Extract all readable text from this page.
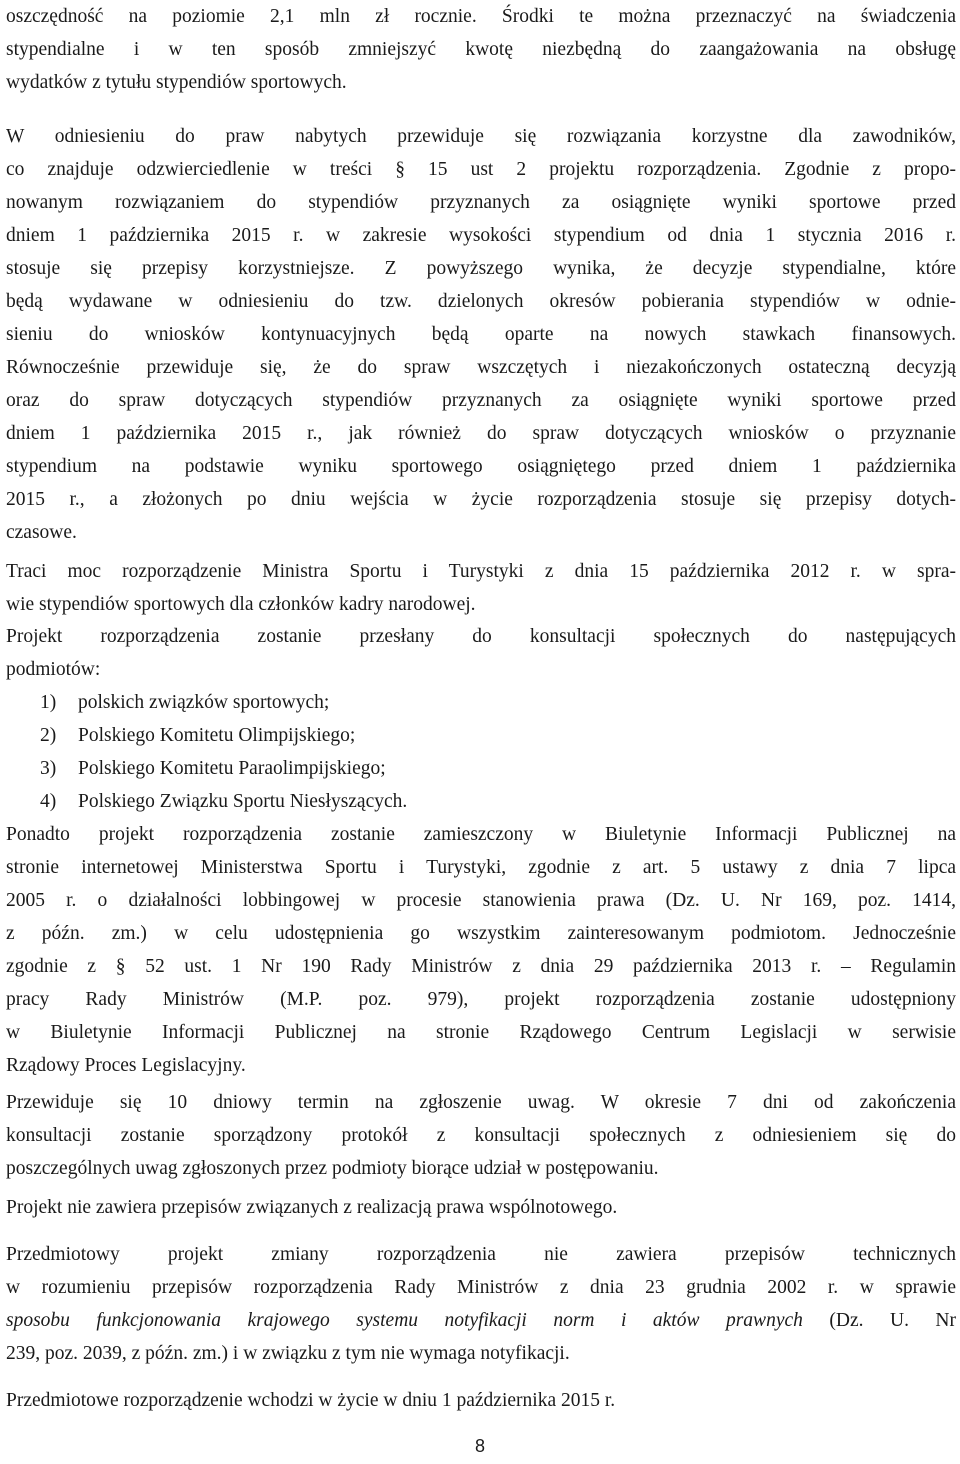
oszczędność na poziomie 2,1 mln zł rocznie. Środki te można przeznaczyć na świadczenia
stypendialne i w ten sposób zmniejszyć kwotę niezbędną do zaangażowania na obsługę
wydatków z tytułu stypendiów sportowych.
W odniesieniu do praw nabytych przewiduje się rozwiązania korzystne dla zawodników,
co znajduje odzwierciedlenie w treści § 15 ust 2 projektu rozporządzenia. Zgodnie z propo-
nowanym rozwiązaniem do stypendiów przyznanych za osiągnięte wyniki sportowe przed
dniem 1 października 2015 r. w zakresie wysokości stypendium od dnia 1 stycznia 2016 r.
stosuje się przepisy korzystniejsze. Z powyższego wynika, że decyzje stypendialne, które
będą wydawane w odniesieniu do tzw. dzielonych okresów pobierania stypendiów w odnie-
sieniu do wniosków kontynuacyjnych będą oparte na nowych stawkach finansowych.
Równocześnie przewiduje się, że do spraw wszczętych i niezakończonych ostateczną decyzją
oraz do spraw dotyczących stypendiów przyznanych za osiągnięte wyniki sportowe przed
dniem 1 października 2015 r., jak również do spraw dotyczących wniosków o przyznanie
stypendium na podstawie wyniku sportowego osiągniętego przed dniem 1 października
2015 r., a złożonych po dniu wejścia w życie rozporządzenia stosuje się przepisy dotych-
czasowe.
Traci moc rozporządzenie Ministra Sportu i Turystyki z dnia 15 października 2012 r. w spra-
wie stypendiów sportowych dla członków kadry narodowej.
Projekt rozporządzenia zostanie przesłany do konsultacji społecznych do następujących
podmiotów:
1) polskich związków sportowych;
2) Polskiego Komitetu Olimpijskiego;
3) Polskiego Komitetu Paraolimpijskiego;
4) Polskiego Związku Sportu Niesłyszących.
Ponadto projekt rozporządzenia zostanie zamieszczony w Biuletynie Informacji Publicznej na
stronie internetowej Ministerstwa Sportu i Turystyki, zgodnie z art. 5 ustawy z dnia 7 lipca
2005 r. o działalności lobbingowej w procesie stanowienia prawa (Dz. U. Nr 169, poz. 1414,
z późn. zm.) w celu udostępnienia go wszystkim zainteresowanym podmiotom. Jednocześnie
zgodnie z § 52 ust. 1 Nr 190 Rady Ministrów z dnia 29 października 2013 r. – Regulamin
pracy Rady Ministrów (M.P. poz. 979), projekt rozporządzenia zostanie udostępniony
w Biuletynie Informacji Publicznej na stronie Rządowego Centrum Legislacji w serwisie
Rządowy Proces Legislacyjny.
Przewiduje się 10 dniowy termin na zgłoszenie uwag. W okresie 7 dni od zakończenia
konsultacji zostanie sporządzony protokół z konsultacji społecznych z odniesieniem się do
poszczególnych uwag zgłoszonych przez podmioty biorące udział w postępowaniu.
Projekt nie zawiera przepisów związanych z realizacją prawa wspólnotowego.
Przedmiotowy projekt zmiany rozporządzenia nie zawiera przepisów technicznych
w rozumieniu przepisów rozporządzenia Rady Ministrów z dnia 23 grudnia 2002 r. w sprawie
sposobu funkcjonowania krajowego systemu notyfikacji norm i aktów prawnych (Dz. U. Nr
239, poz. 2039, z późn. zm.) i w związku z tym nie wymaga notyfikacji.
Przedmiotowe rozporządzenie wchodzi w życie w dniu 1 października 2015 r.
8
